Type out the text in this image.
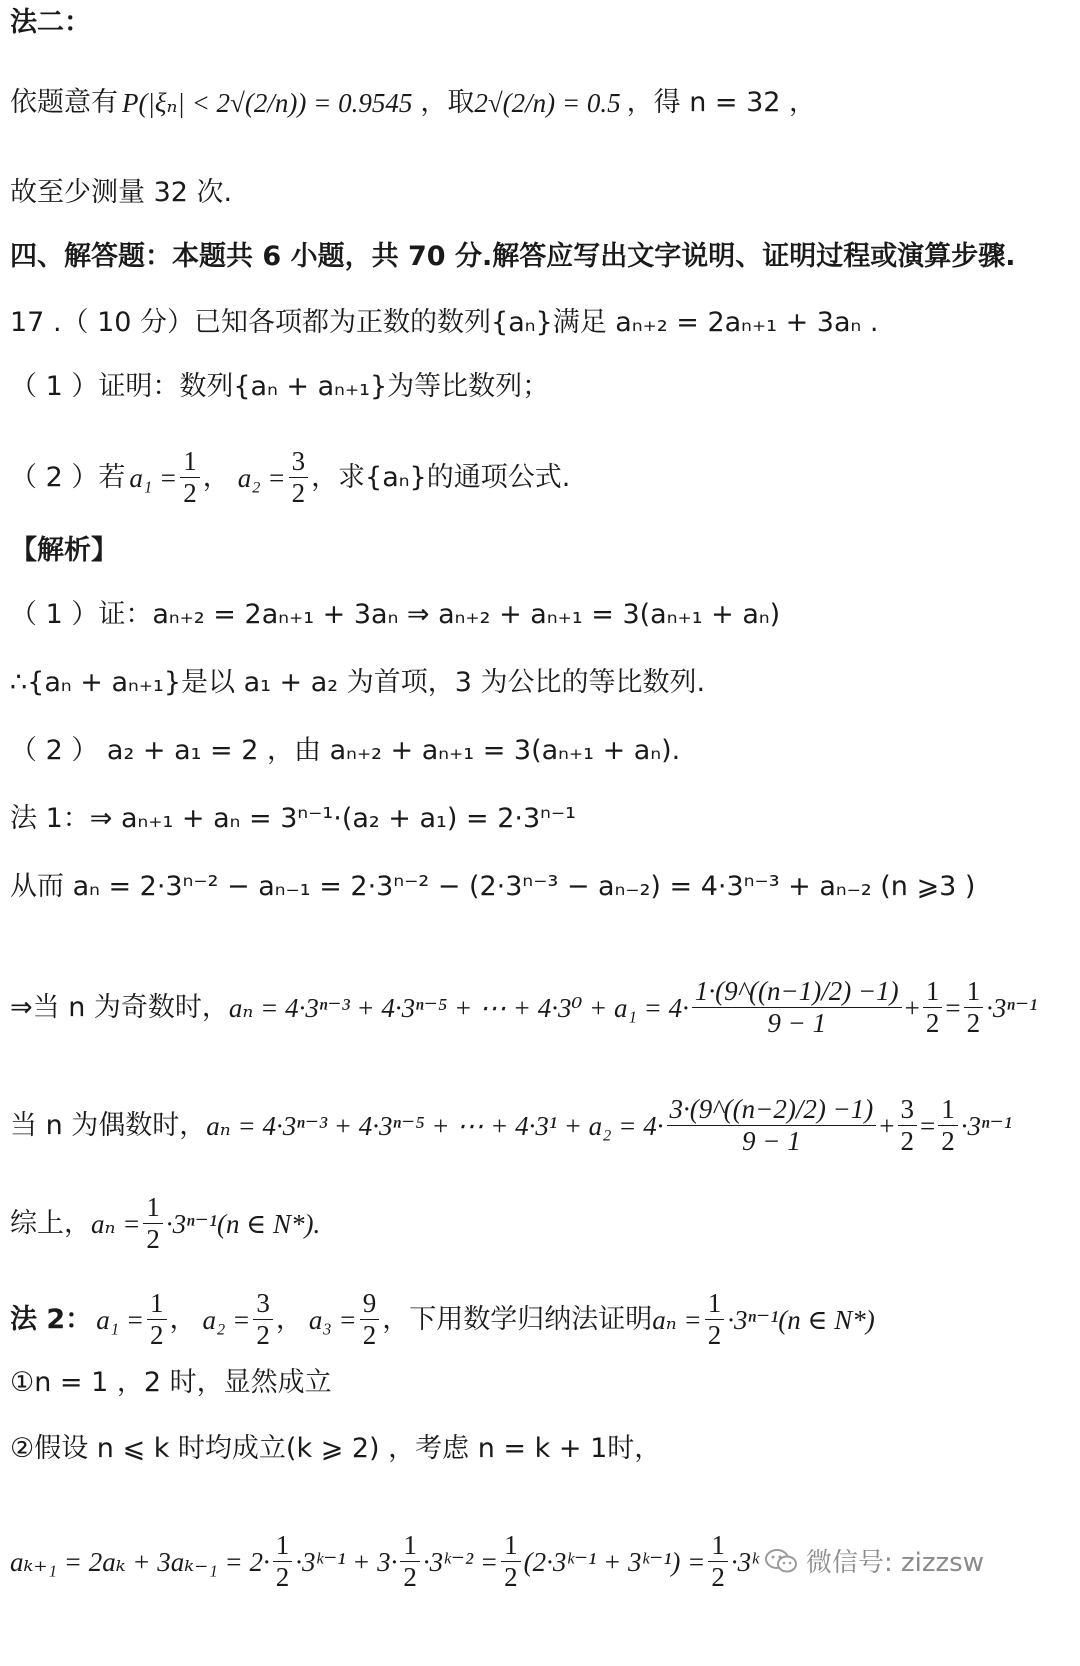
法二：
依题意有 P(|ξₙ| < 2√(2/n)) = 0.9545 ，取 2√(2/n) = 0.5 ，得 n = 32 ，
故至少测量 32 次.
四、解答题：本题共 6 小题，共 70 分.解答应写出文字说明、证明过程或演算步骤.
17 .（ 10 分）已知各项都为正数的数列{aₙ}满足 aₙ₊₂ = 2aₙ₊₁ + 3aₙ .
（ 1 ）证明：数列{aₙ + aₙ₊₁}为等比数列；
（ 2 ）若 $a_1 = \frac{1}{2}$ ， $a_2 = \frac{3}{2}$ ，求{aₙ}的通项公式.
【解析】
（ 1 ）证：aₙ₊₂ = 2aₙ₊₁ + 3aₙ ⇒ aₙ₊₂ + aₙ₊₁ = 3(aₙ₊₁ + aₙ)
∴{aₙ + aₙ₊₁}是以 a₁ + a₂ 为首项，3 为公比的等比数列.
（ 2 ） a₂ + a₁ = 2 ，由 aₙ₊₂ + aₙ₊₁ = 3(aₙ₊₁ + aₙ).
法 1：⇒ aₙ₊₁ + aₙ = 3ⁿ⁻¹·(a₂ + a₁) = 2·3ⁿ⁻¹
从而 aₙ = 2·3ⁿ⁻² − aₙ₋₁ = 2·3ⁿ⁻² − (2·3ⁿ⁻³ − aₙ₋₂) = 4·3ⁿ⁻³ + aₙ₋₂ (n ⩾3 )
⇒当 n 为奇数时， aₙ = 4·3ⁿ⁻³ + 4·3ⁿ⁻⁵ + ⋯ + $4\cdot 3^0 + a_1 = 4\cdot \frac{1\cdot(9\^{}((n-1)/2) -1)}{9 - 1} + \frac{1}{2} = \frac{1}{2} \cdot 3^{n-1}$
当 n 为偶数时， aₙ = 4·3ⁿ⁻³ + 4·3ⁿ⁻⁵ + ⋯ + $4\cdot 3^1 + a_2 = 4\cdot \frac{3\cdot(9\^{}((n-2)/2) -1)}{9 - 1} + \frac{3}{2} = \frac{1}{2} \cdot 3^{n-1}$
综上， $a_n = \frac{1}{2} \cdot 3^{n-1}(n$ ∈ N*).
法 2： $a_1 = \frac{1}{2}$ ， $a_2 = \frac{3}{2}$ ， $a_3 = \frac{9}{2}$ ，下用数学归纳法证明 $a_n = \frac{1}{2} \cdot 3^{n-1}(n$ ∈ N*)
①n = 1 ，2 时，显然成立
②假设 n ⩽ k 时均成立(k ⩾ 2) ，考虑 n = k + 1时，
$a_{k+1} = 2a_k + 3a_{k-1} = 2\cdot \frac{1}{2}$ ·3ᵏ⁻¹ + $3\cdot \frac{1}{2}$ ·3ᵏ⁻² = $\frac{1}{2}$ (2·3ᵏ⁻¹ + 3ᵏ⁻¹) = $\frac{1}{2}$ ·3ᵏ 微信号: zizzsw
